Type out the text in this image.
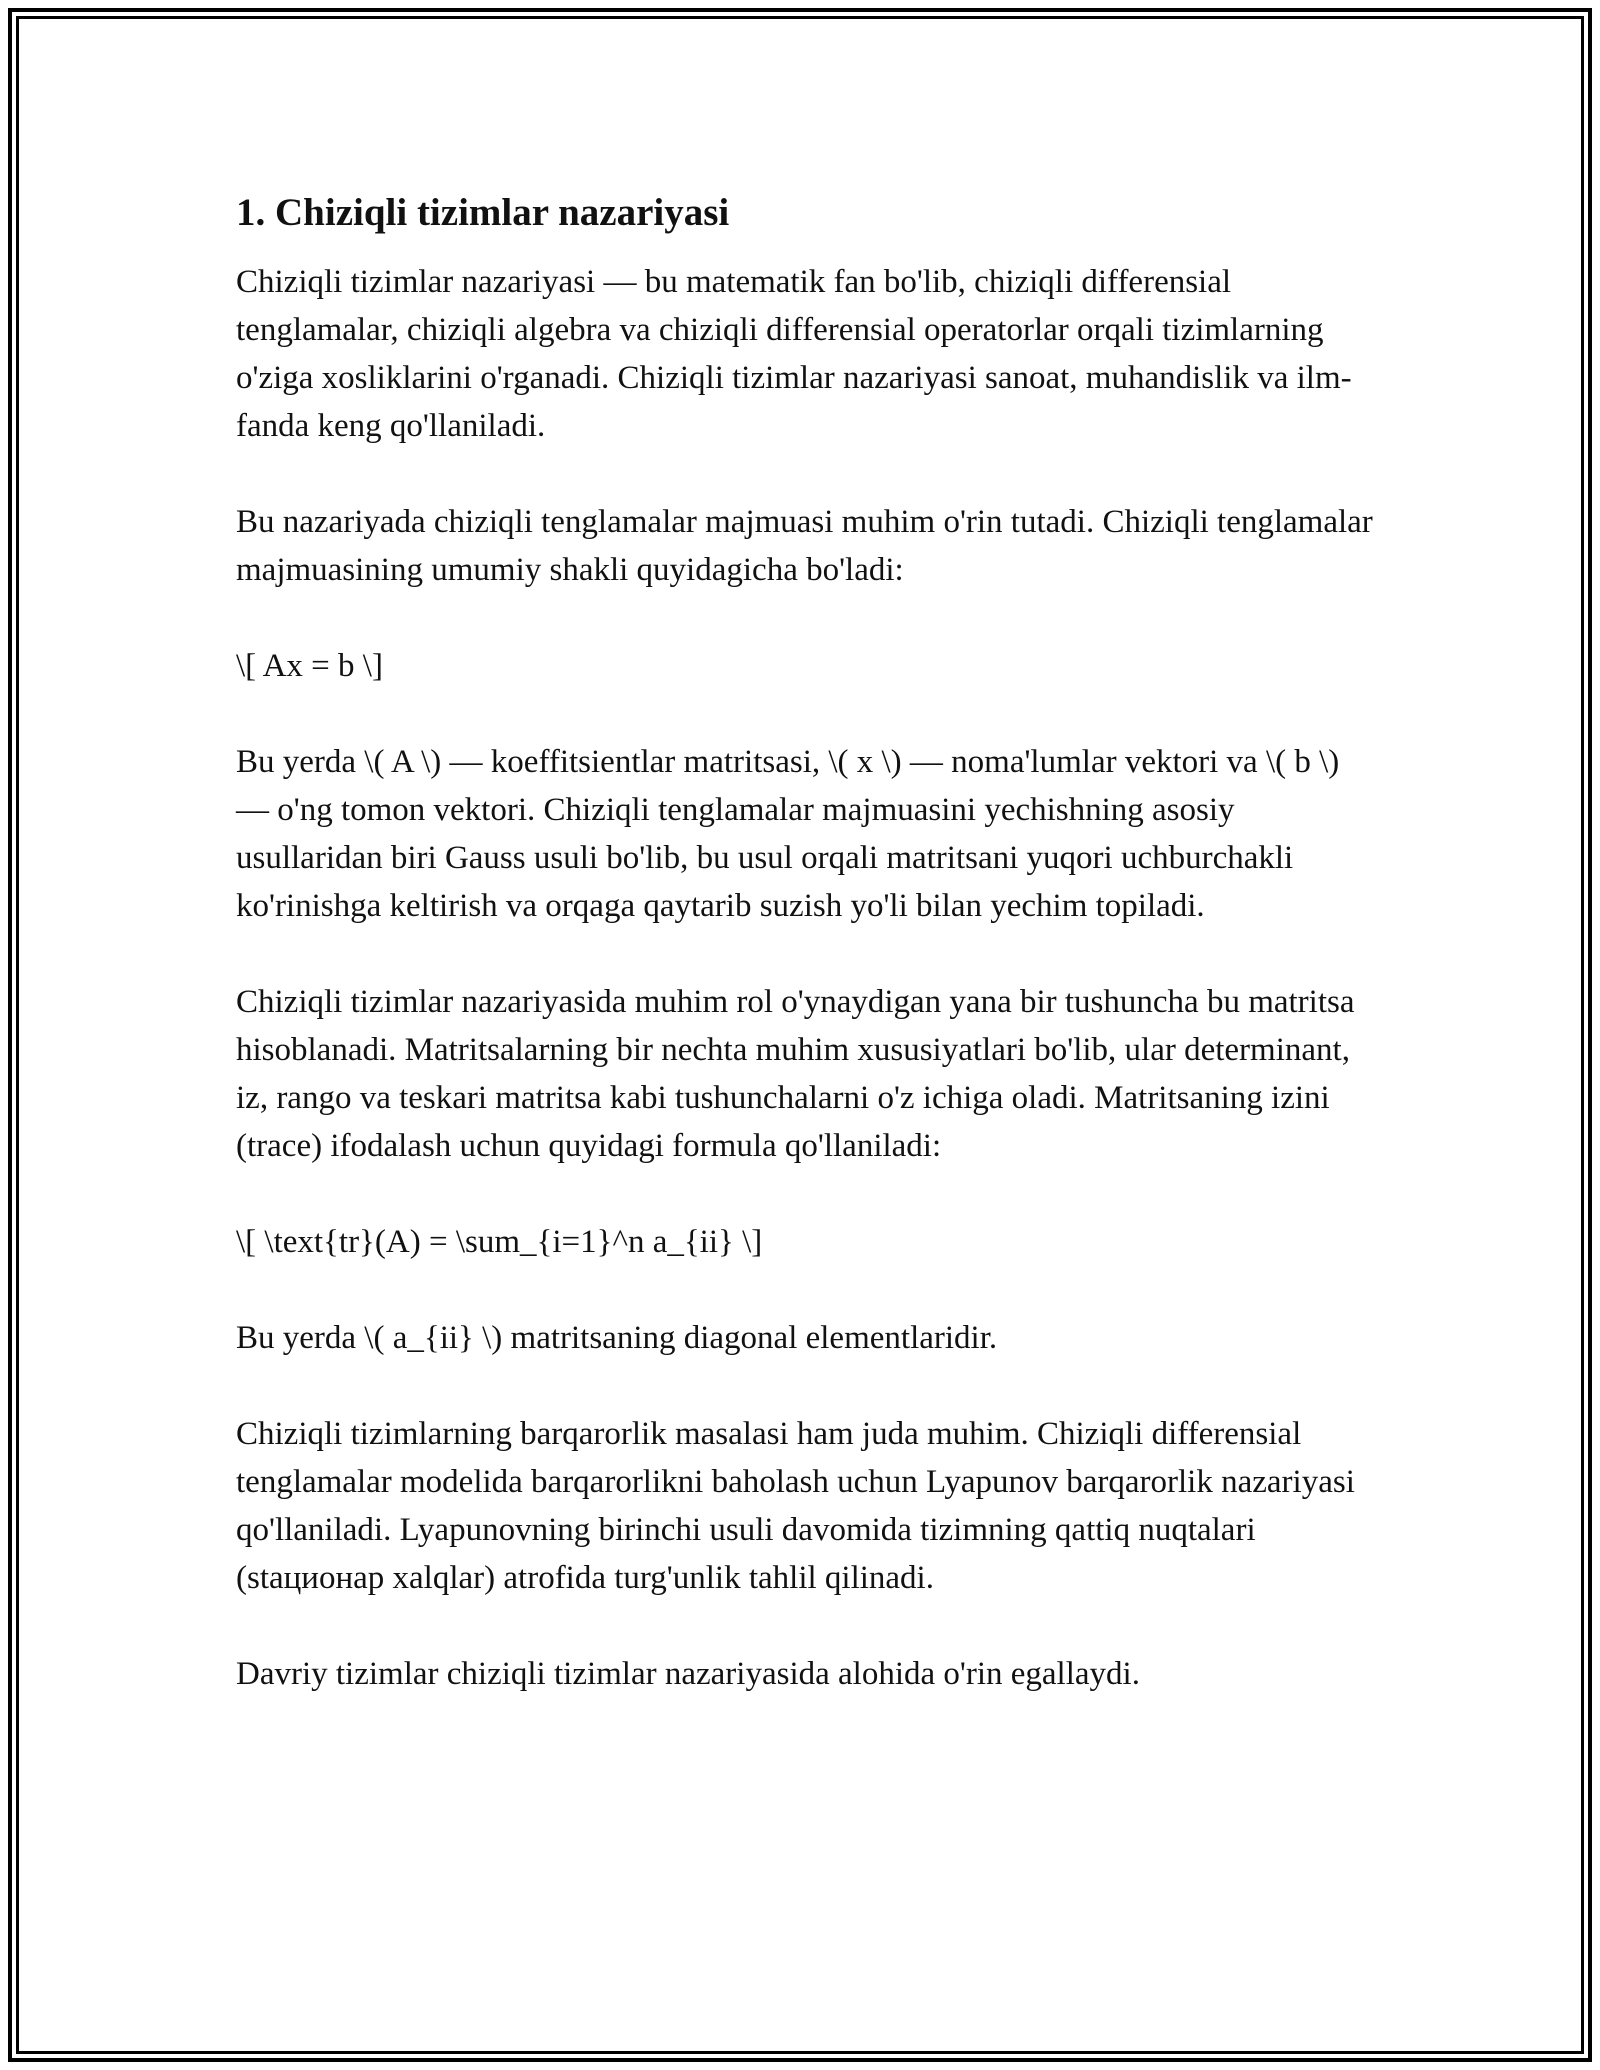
1. Chiziqli tizimlar nazariyasi

Chiziqli tizimlar nazariyasi — bu matematik fan bo'lib, chiziqli differensial tenglamalar, chiziqli algebra va chiziqli differensial operatorlar orqali tizimlarning o'ziga xosliklarini o'rganadi. Chiziqli tizimlar nazariyasi sanoat, muhandislik va ilm-fanda keng qo'llaniladi.

Bu nazariyada chiziqli tenglamalar majmuasi muhim o'rin tutadi. Chiziqli tenglamalar majmuasining umumiy shakli quyidagicha bo'ladi:

\[ Ax = b \]

Bu yerda \( A \) — koeffitsientlar matritsasi, \( x \) — noma'lumlar vektori va \( b \) — o'ng tomon vektori. Chiziqli tenglamalar majmuasini yechishning asosiy usullaridan biri Gauss usuli bo'lib, bu usul orqali matritsani yuqori uchburchakli ko'rinishga keltirish va orqaga qaytarib suzish yo'li bilan yechim topiladi.

Chiziqli tizimlar nazariyasida muhim rol o'ynaydigan yana bir tushuncha bu matritsa hisoblanadi. Matritsalarning bir nechta muhim xususiyatlari bo'lib, ular determinant, iz, rango va teskari matritsa kabi tushunchalarni o'z ichiga oladi. Matritsaning izini (trace) ifodalash uchun quyidagi formula qo'llaniladi:

\[ \text{tr}(A) = \sum_{i=1}^n a_{ii} \]

Bu yerda \( a_{ii} \) matritsaning diagonal elementlaridir.

Chiziqli tizimlarning barqarorlik masalasi ham juda muhim. Chiziqli differensial tenglamalar modelida barqarorlikni baholash uchun Lyapunov barqarorlik nazariyasi qo'llaniladi. Lyapunovning birinchi usuli davomida tizimning qattiq nuqtalari (stационар xalqlar) atrofida turg'unlik tahlil qilinadi.

Davriy tizimlar chiziqli tizimlar nazariyasida alohida o'rin egallaydi.
